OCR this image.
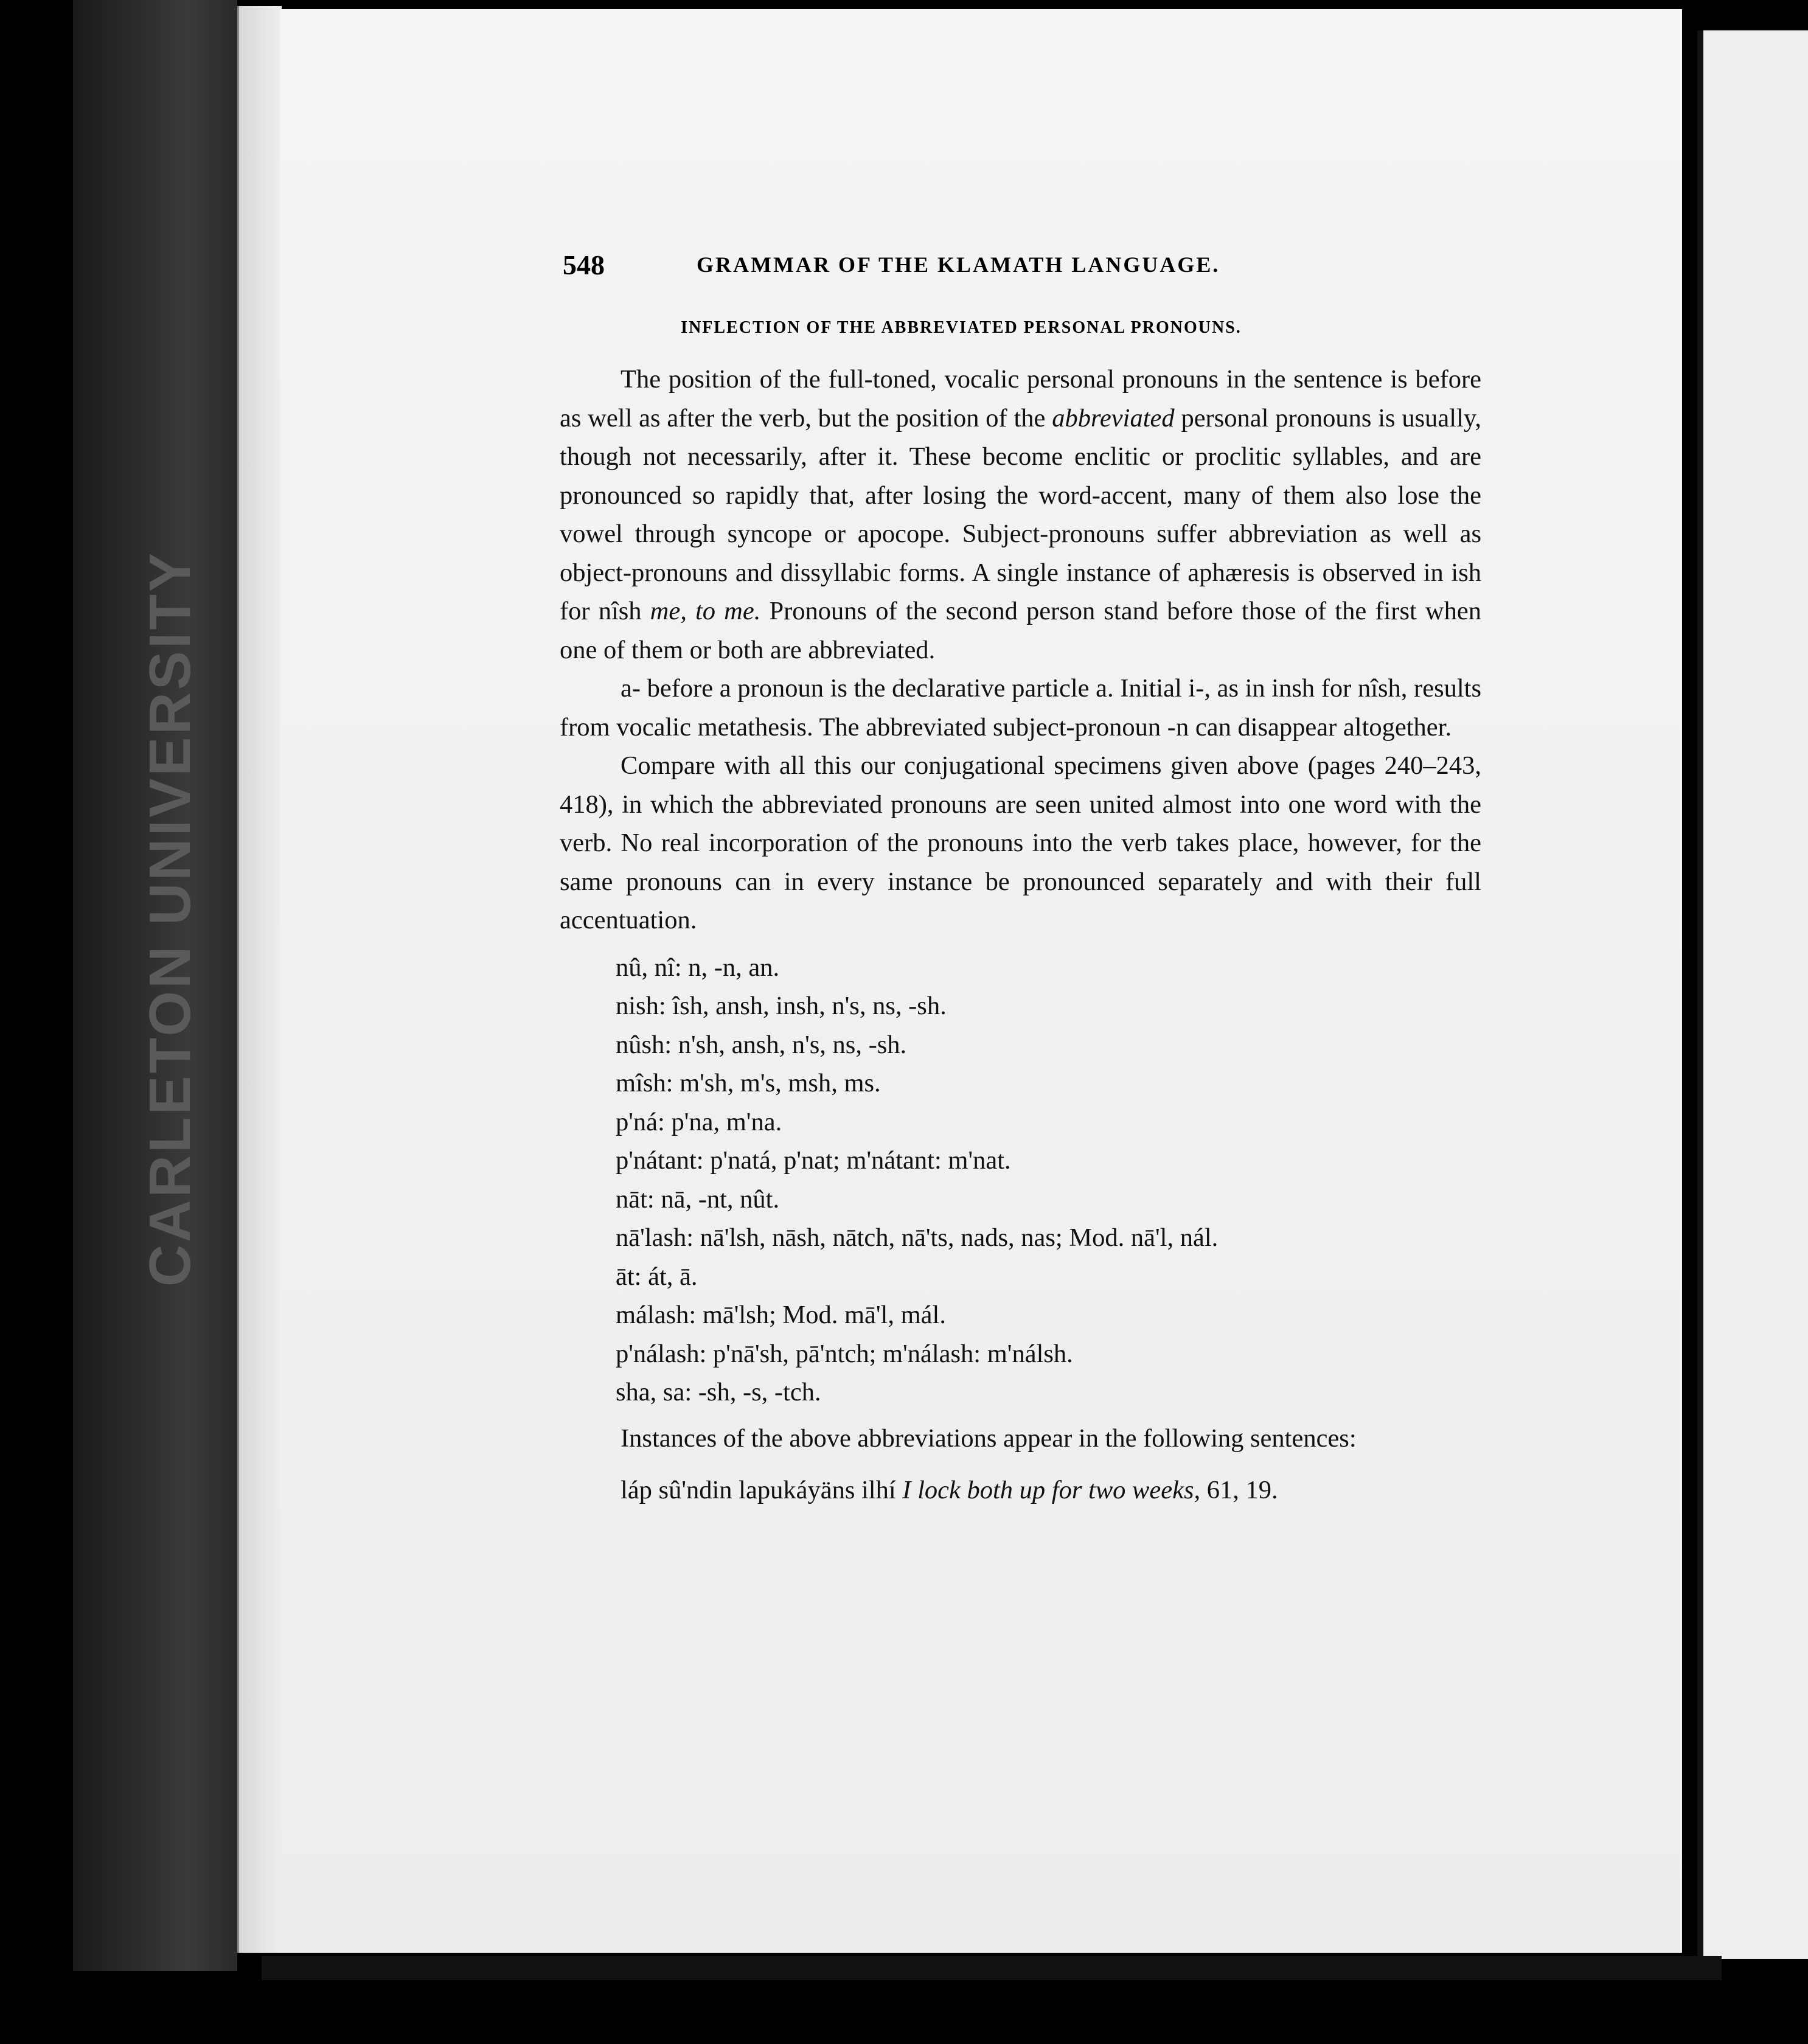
CARLETON UNIVERSITY
548	GRAMMAR OF THE KLAMATH LANGUAGE.
INFLECTION OF THE ABBREVIATED PERSONAL PRONOUNS.

The position of the full-toned, vocalic personal pronouns in the sentence is before as well as after the verb, but the position of the abbreviated personal pronouns is usually, though not necessarily, after it. These become enclitic or proclitic syllables, and are pronounced so rapidly that, after losing the word-accent, many of them also lose the vowel through syncope or apocope. Subject-pronouns suffer abbreviation as well as object-pronouns and dissyllabic forms. A single instance of aphæresis is observed in ish for nîsh me, to me. Pronouns of the second person stand before those of the first when one of them or both are abbreviated.

a- before a pronoun is the declarative particle a. Initial i-, as in insh for nîsh, results from vocalic metathesis. The abbreviated subject-pronoun -n can disappear altogether.

Compare with all this our conjugational specimens given above (pages 240–243, 418), in which the abbreviated pronouns are seen united almost into one word with the verb. No real incorporation of the pronouns into the verb takes place, however, for the same pronouns can in every instance be pronounced separately and with their full accentuation.

nû, nî: n, -n, an.
nish: îsh, ansh, insh, n's, ns, -sh.
nûsh: n'sh, ansh, n's, ns, -sh.
mîsh: m'sh, m's, msh, ms.
p'ná: p'na, m'na.
p'nátant: p'natá, p'nat; m'nátant: m'nat.
nāt: nā, -nt, nût.
nā'lash: nā'lsh, nāsh, nātch, nā'ts, nads, nas; Mod. nā'l, nál.
āt: át, ā.
málash: mā'lsh; Mod. mā'l, mál.
p'nálash: p'nā'sh, pā'ntch; m'nálash: m'nálsh.
sha, sa: -sh, -s, -tch.

Instances of the above abbreviations appear in the following sentences:

láp sû'ndin lapukáyäns ilhí I lock both up for two weeks, 61, 19.
